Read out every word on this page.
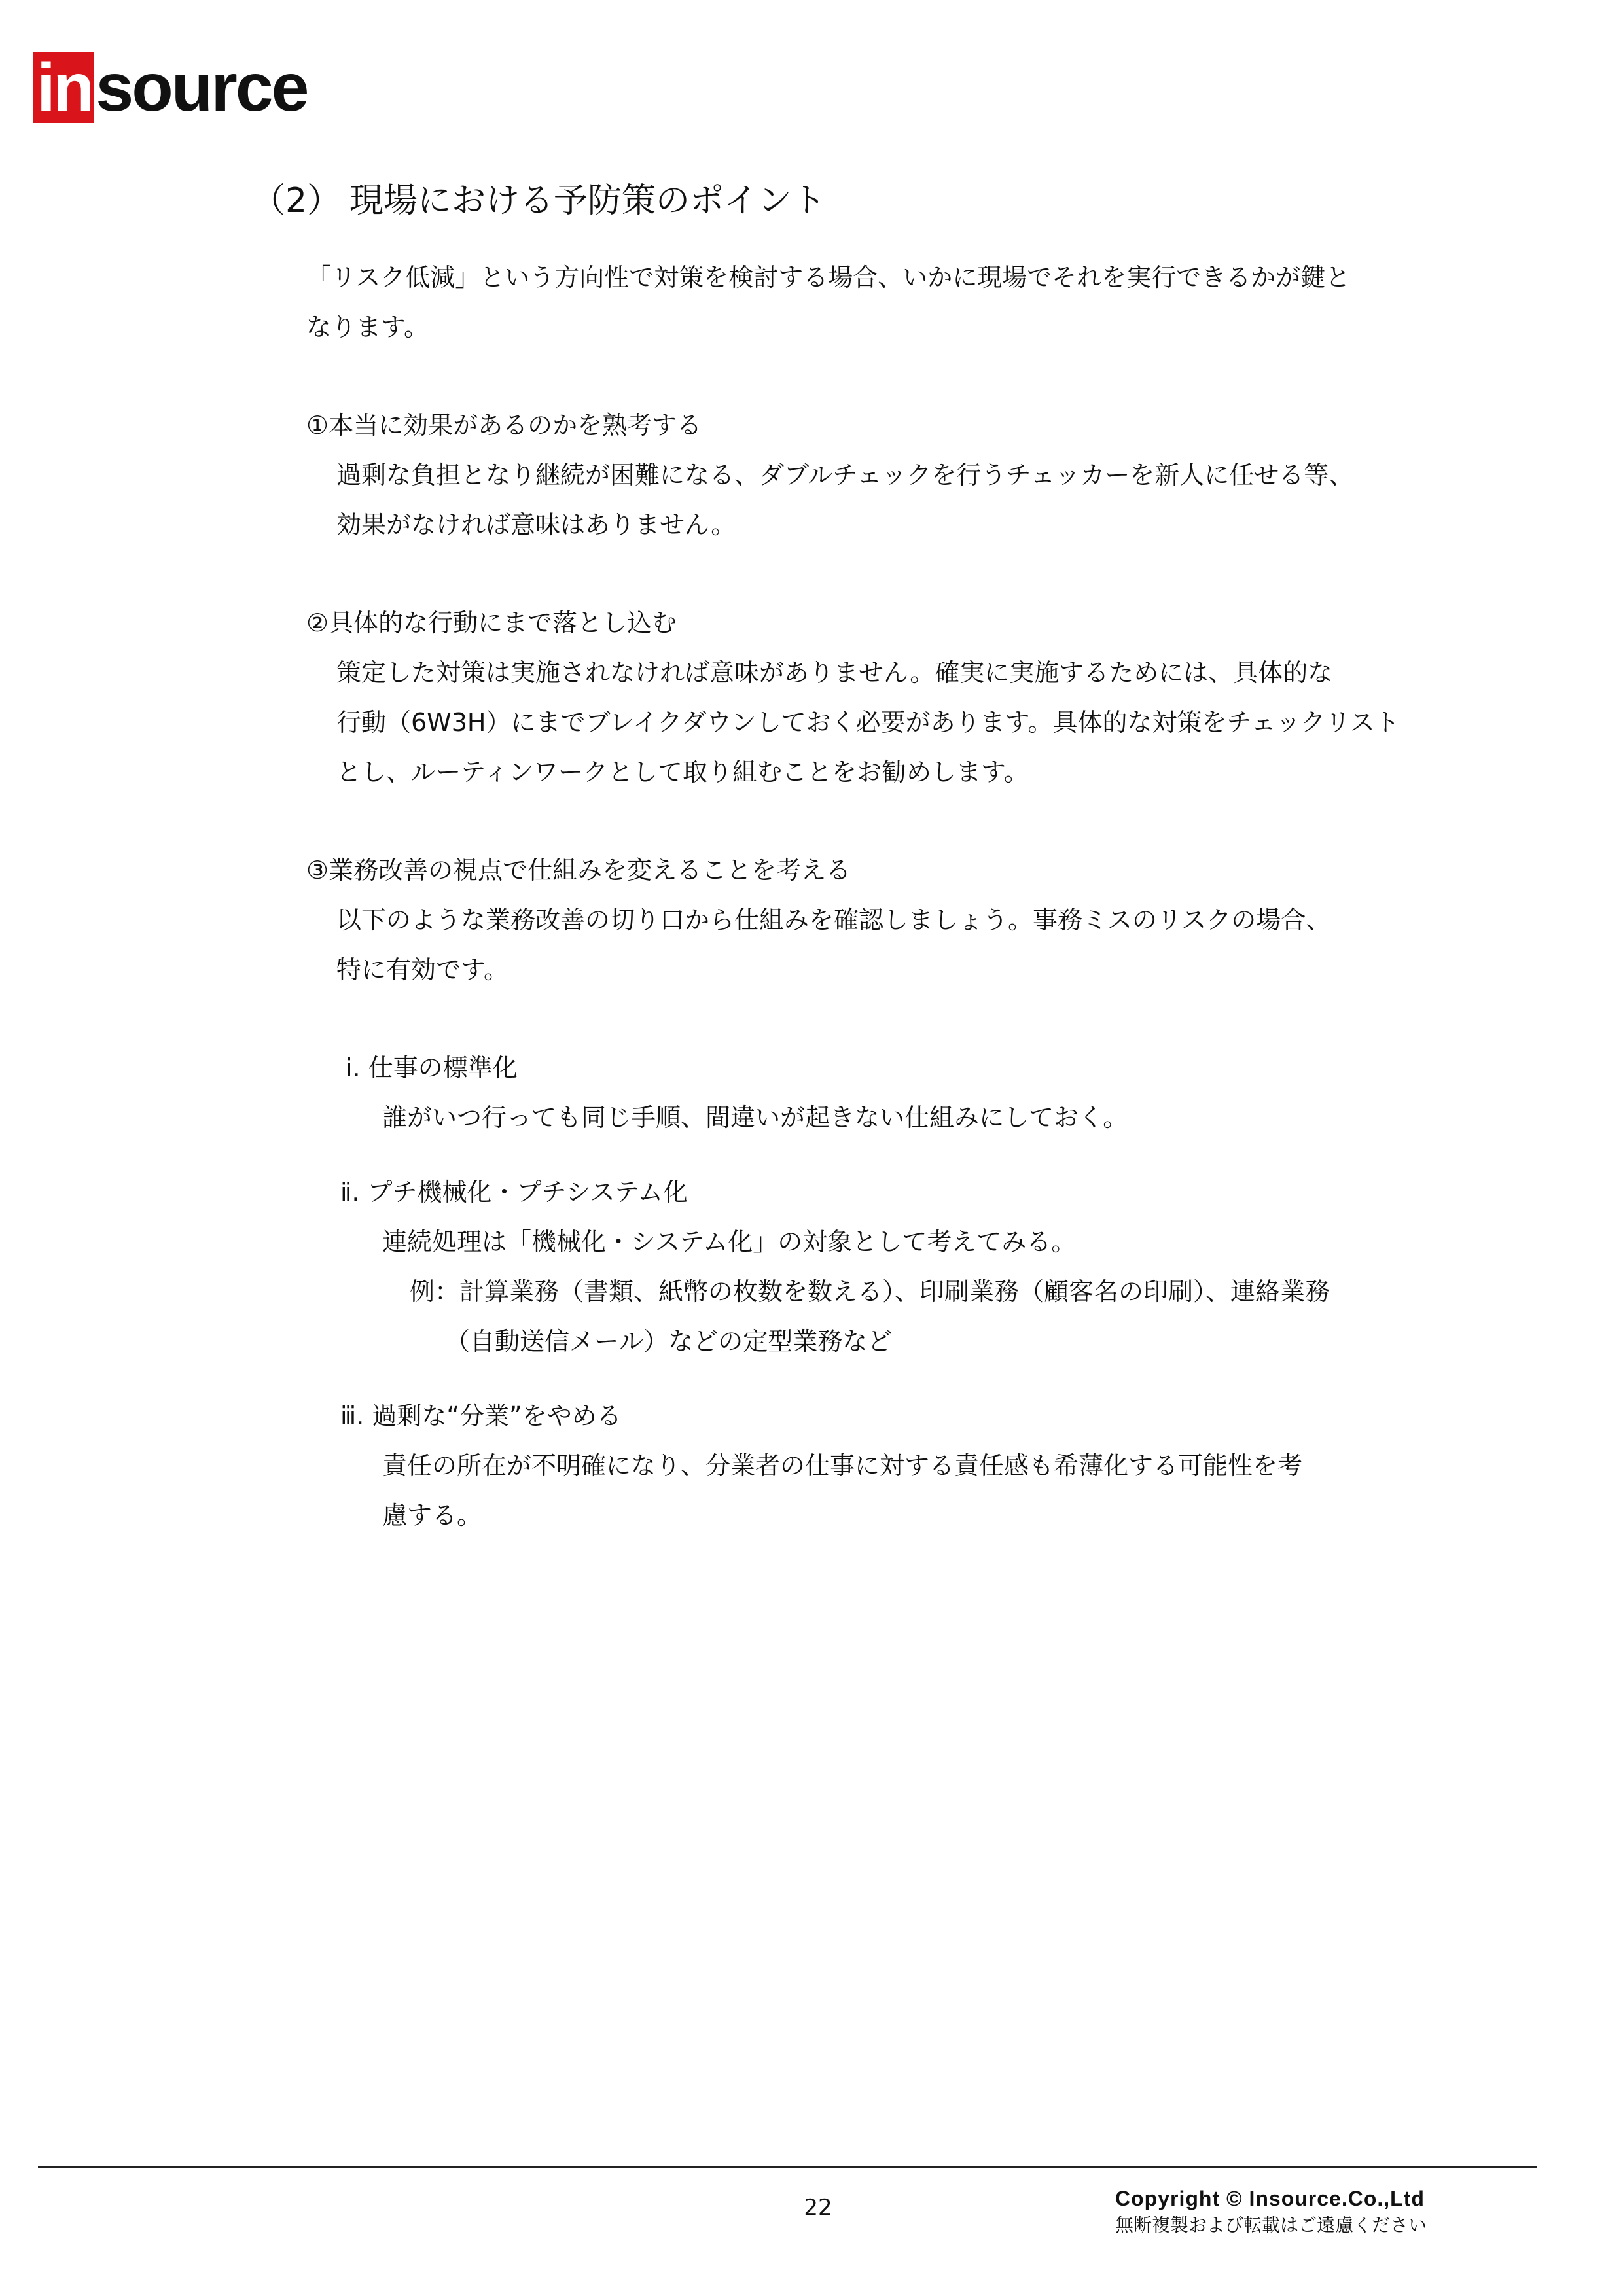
in source
（2） 現場における予防策のポイント
「リスク低減」という方向性で対策を検討する場合、いかに現場でそれを実行できるかが鍵と
なります。
①本当に効果があるのかを熟考する
過剰な負担となり継続が困難になる、ダブルチェックを行うチェッカーを新人に任せる等、
効果がなければ意味はありません。
②具体的な行動にまで落とし込む
策定した対策は実施されなければ意味がありません。確実に実施するためには、具体的な
行動（6W3H）にまでブレイクダウンしておく必要があります。具体的な対策をチェックリスト
とし、ルーティンワークとして取り組むことをお勧めします。
③業務改善の視点で仕組みを変えることを考える
以下のような業務改善の切り口から仕組みを確認しましょう。事務ミスのリスクの場合、
特に有効です。
ⅰ. 仕事の標準化
誰がいつ行っても同じ手順、間違いが起きない仕組みにしておく。
ⅱ. プチ機械化・プチシステム化
連続処理は「機械化・システム化」の対象として考えてみる。
例：計算業務（書類、紙幣の枚数を数える）、印刷業務（顧客名の印刷）、連絡業務
（自動送信メール）などの定型業務など
ⅲ. 過剰な“分業”をやめる
責任の所在が不明確になり、分業者の仕事に対する責任感も希薄化する可能性を考
慮する。
22	Copyright © Insource.Co.,Ltd
無断複製および転載はご遠慮ください
